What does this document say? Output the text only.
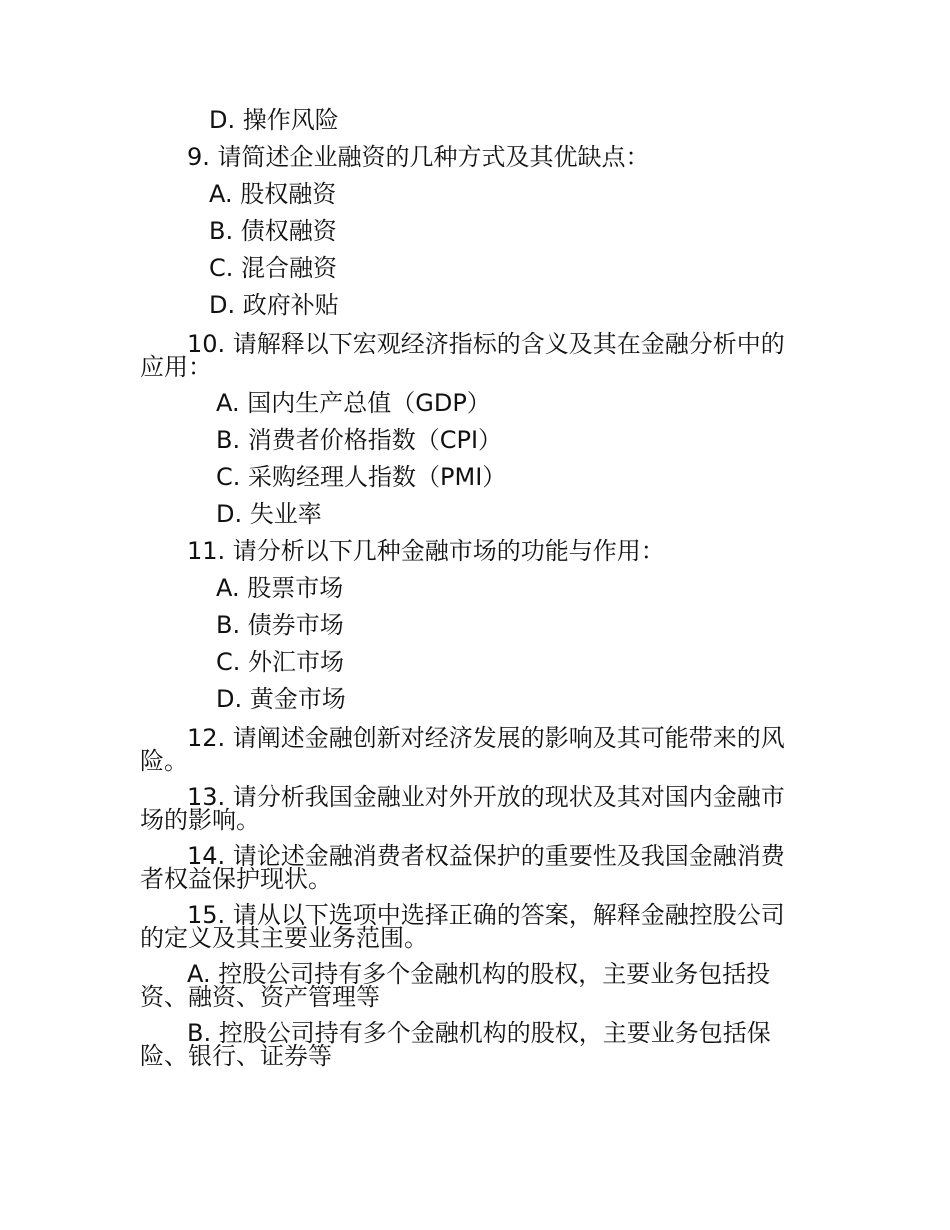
D. 操作风险
9. 请简述企业融资的几种方式及其优缺点：
A. 股权融资
B. 债权融资
C. 混合融资
D. 政府补贴
10. 请解释以下宏观经济指标的含义及其在金融分析中的
应用：
A. 国内生产总值（GDP）
B. 消费者价格指数（CPI）
C. 采购经理人指数（PMI）
D. 失业率
11. 请分析以下几种金融市场的功能与作用：
A. 股票市场
B. 债券市场
C. 外汇市场
D. 黄金市场
12. 请阐述金融创新对经济发展的影响及其可能带来的风
险。
13. 请分析我国金融业对外开放的现状及其对国内金融市
场的影响。
14. 请论述金融消费者权益保护的重要性及我国金融消费
者权益保护现状。
15. 请从以下选项中选择正确的答案，解释金融控股公司
的定义及其主要业务范围。
A. 控股公司持有多个金融机构的股权，主要业务包括投
资、融资、资产管理等
B. 控股公司持有多个金融机构的股权，主要业务包括保
险、银行、证券等
